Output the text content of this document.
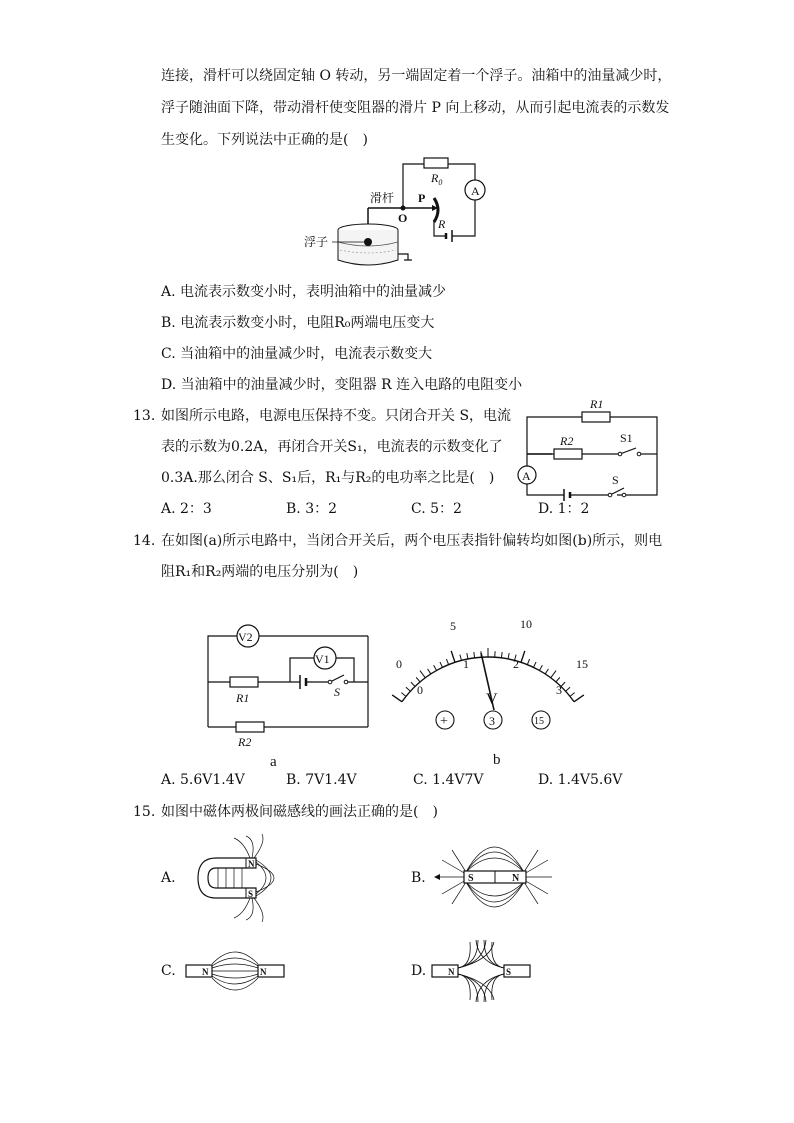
连接，滑杆可以绕固定轴 O 转动，另一端固定着一个浮子。油箱中的油量减少时，
浮子随油面下降，带动滑杆使变阻器的滑片 P 向上移动，从而引起电流表的示数发
生变化。下列说法中正确的是(　)
$R_0$
A
R
O
P
滑杆
浮子
A. 电流表示数变小时，表明油箱中的油量减少
B. 电流表示数变小时，电阻R₀两端电压变大
C. 当油箱中的油量减少时，电流表示数变大
D. 当油箱中的油量减少时，变阻器 R 连入电路的电阻变小
13. 如图所示电路，电源电压保持不变。只闭合开关 S，电流
表的示数为0.2A，再闭合开关S₁，电流表的示数变化了
0.3A.那么闭合 S、S₁后，R₁与R₂的电功率之比是(　)
R1
R2	S1
A	S
A. 2：3	B. 3：2	C. 5：2	D. 1：2
14. 在如图(a)所示电路中，当闭合开关后，两个电压表指针偏转均如图(b)所示，则电
阻R₁和R₂两端的电压分别为(　)
V2
R1	S
V1
R2
a
0
5	10
15
0
1	2
3
V
+	3	15
b
A. 5.6V1.4V	B. 7V1.4V	C. 1.4V7V	D. 1.4V5.6V
15. 如图中磁体两极间磁感线的画法正确的是(　)
A.
N
S
B.	S	N
C.	N	N	D. N	S
